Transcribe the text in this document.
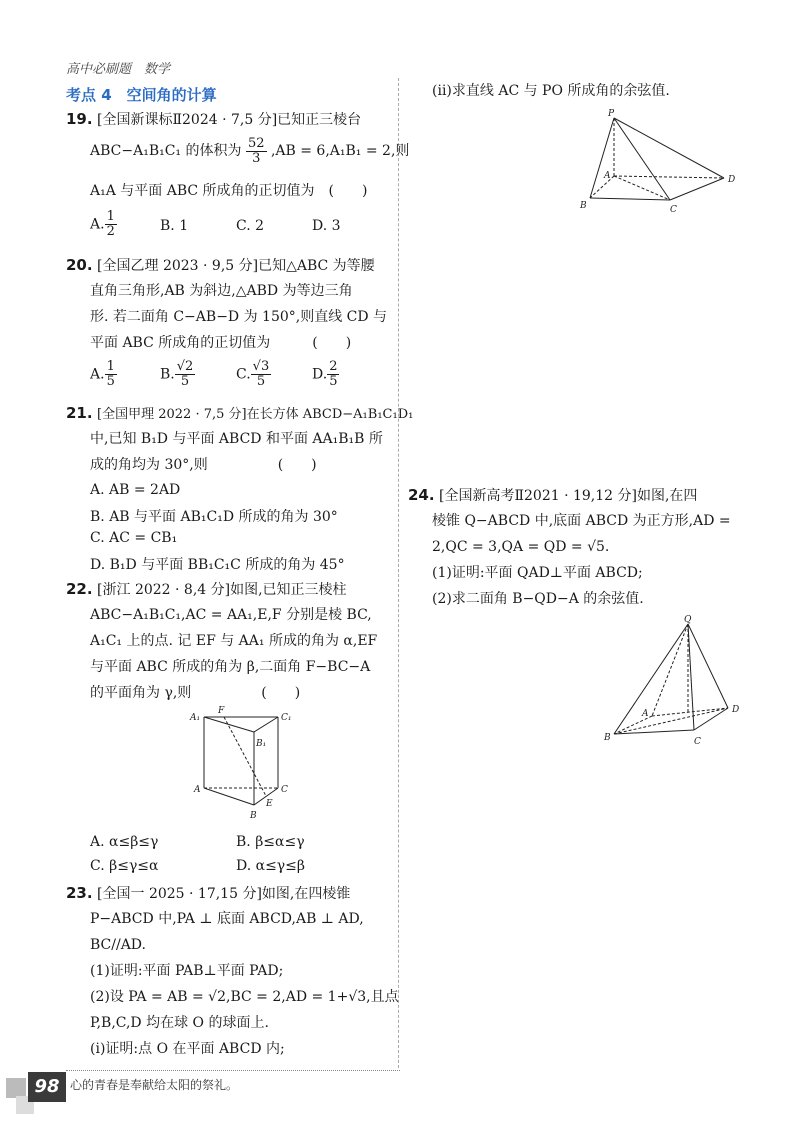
高中必刷题　数学
考点 4　空间角的计算
19. [全国新课标Ⅱ2024 · 7,5 分]已知正三棱台
ABC−A₁B₁C₁ 的体积为 $\frac{52}{3} ,AB = 6,A_1B_1 = 2$,则
A₁A 与平面 ABC 所成角的正切值为　(　　)
A. $\frac{1}{2}$	B. 1	C. 2	D. 3
20. [全国乙理 2023 · 9,5 分]已知△ABC 为等腰
直角三角形,AB 为斜边,△ABD 为等边三角
形. 若二面角 C−AB−D 为 150°,则直线 CD 与
平面 ABC 所成角的正切值为　　　(　　)
A. $\frac{1}{5}$	B. $\frac{√2}{5}$	C. $\frac{√3}{5}$	D. $\frac{2}{5}$
21. [全国甲理 2022 · 7,5 分]在长方体 ABCD−A₁B₁C₁D₁
中,已知 B₁D 与平面 ABCD 和平面 AA₁B₁B 所
成的角均为 30°,则　　　　　(　　)
A. AB = 2AD
B. AB 与平面 AB₁C₁D 所成的角为 30°
C. AC = CB₁
D. B₁D 与平面 BB₁C₁C 所成的角为 45°
22. [浙江 2022 · 8,4 分]如图,已知正三棱柱
ABC−A₁B₁C₁,AC = AA₁,E,F 分别是棱 BC,
A₁C₁ 上的点. 记 EF 与 AA₁ 所成的角为 α,EF
与平面 ABC 所成的角为 β,二面角 F−BC−A
的平面角为 γ,则　　　　　(　　)
A₁
F
C₁
B₁
A	C
E
B
A. α≤β≤γ	B. β≤α≤γ
C. β≤γ≤α	D. α≤γ≤β
23. [全国一 2025 · 17,15 分]如图,在四棱锥
P−ABCD 中,PA ⊥ 底面 ABCD,AB ⊥ AD,
BC//AD.
(1)证明:平面 PAB⊥平面 PAD;
(2)设 PA = AB = √2,BC = 2,AD = 1+√3,且点
P,B,C,D 均在球 O 的球面上.
(ⅰ)证明:点 O 在平面 ABCD 内;
(ⅱ)求直线 AC 与 PO 所成角的余弦值.
P
A	D
B	C
24. [全国新高考Ⅱ2021 · 19,12 分]如图,在四
棱锥 Q−ABCD 中,底面 ABCD 为正方形,AD =
2,QC = 3,QA = QD = √5.
(1)证明:平面 QAD⊥平面 ABCD;
(2)求二面角 B−QD−A 的余弦值.
Q
A	D
B	C
98 心的青春是奉献给太阳的祭礼。
